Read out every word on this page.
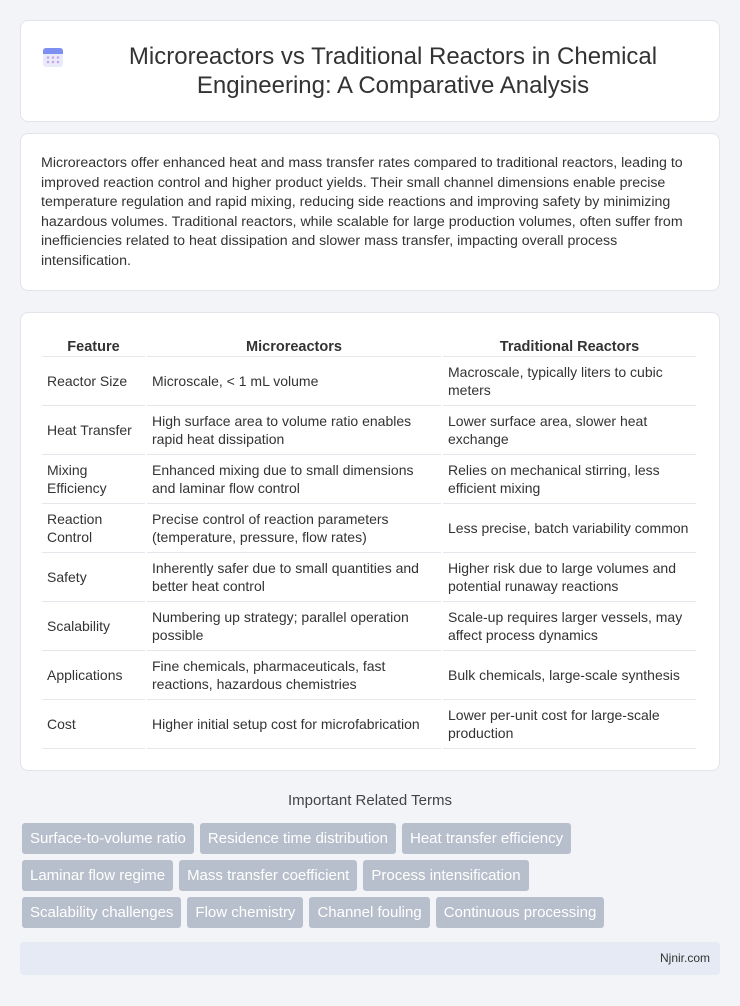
Microreactors vs Traditional Reactors in Chemical Engineering: A Comparative Analysis

Microreactors offer enhanced heat and mass transfer rates compared to traditional reactors, leading to improved reaction control and higher product yields. Their small channel dimensions enable precise temperature regulation and rapid mixing, reducing side reactions and improving safety by minimizing hazardous volumes. Traditional reactors, while scalable for large production volumes, often suffer from inefficiencies related to heat dissipation and slower mass transfer, impacting overall process intensification.

Feature	Microreactors	Traditional Reactors
Reactor Size	Microscale, < 1 mL volume	Macroscale, typically liters to cubic meters
Heat Transfer	High surface area to volume ratio enables rapid heat dissipation	Lower surface area, slower heat exchange
Mixing Efficiency	Enhanced mixing due to small dimensions and laminar flow control	Relies on mechanical stirring, less efficient mixing
Reaction Control	Precise control of reaction parameters (temperature, pressure, flow rates)	Less precise, batch variability common
Safety	Inherently safer due to small quantities and better heat control	Higher risk due to large volumes and potential runaway reactions
Scalability	Numbering up strategy; parallel operation possible	Scale-up requires larger vessels, may affect process dynamics
Applications	Fine chemicals, pharmaceuticals, fast reactions, hazardous chemistries	Bulk chemicals, large-scale synthesis
Cost	Higher initial setup cost for microfabrication	Lower per-unit cost for large-scale production
Important Related Terms
Surface-to-volume ratio	Residence time distribution	Heat transfer efficiency
Laminar flow regime	Mass transfer coefficient	Process intensification
Scalability challenges	Flow chemistry	Channel fouling	Continuous processing
Njnir.com
